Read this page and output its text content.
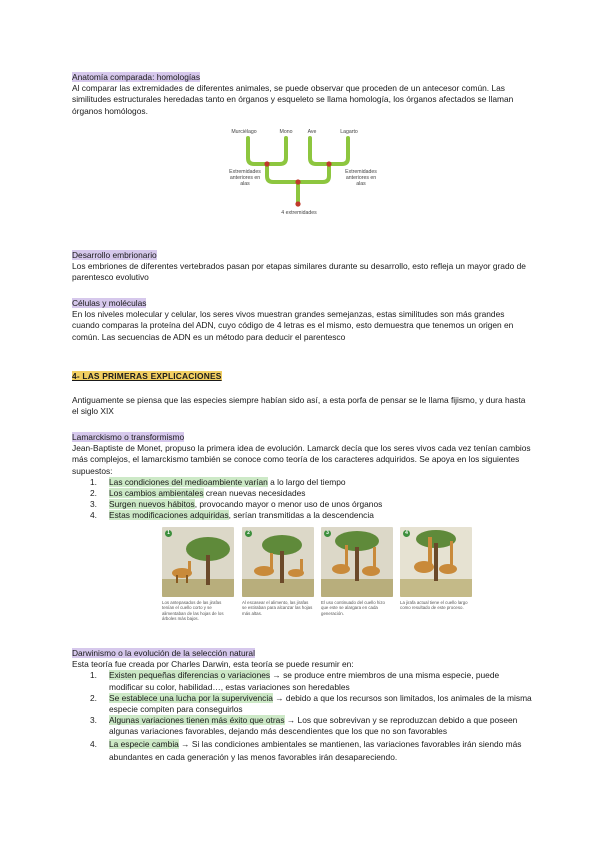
Anatomía comparada: homologías

Al comparar las extremidades de diferentes animales, se puede observar que proceden de un antecesor común. Las similitudes estructurales heredadas tanto en órganos y esqueleto se llama homología, los órganos afectados se llaman órganos homólogos.

Murciélago	Mono	Ave	Lagarto
Extremidades anteriores en alas
Extremidades anteriores en alas
4 extremidades

Desarrollo embrionario

Los embriones de diferentes vertebrados pasan por etapas similares durante su desarrollo, esto refleja un mayor grado de parentesco evolutivo

Células y moléculas

En los niveles molecular y celular, los seres vivos muestran grandes semejanzas, estas similitudes son más grandes cuando comparas la proteína del ADN, cuyo código de 4 letras es el mismo, esto demuestra que tenemos un origen en común. Las secuencias de ADN es un método para deducir el parentesco

4- LAS PRIMERAS EXPLICACIONES

Antiguamente se piensa que las especies siempre habían sido así, a esta porfa de pensar se le llama fijismo, y dura hasta el siglo XIX

Lamarckismo o transformismo

Jean-Baptiste de Monet, propuso la primera idea de evolución. Lamarck decía que los seres vivos cada vez tenían cambios más complejos, el lamarckismo también se conoce como teoría de los caracteres adquiridos. Se apoya en los siguientes supuestos:

1. Las condiciones del medioambiente varían a lo largo del tiempo
2. Los cambios ambientales crean nuevas necesidades
3. Surgen nuevos hábitos, provocando mayor o menor uso de unos órganos
4. Estas modificaciones adquiridas, serían transmitidas a la descendencia
1
Los antepasados de las jirafas tenían el cuello corto y se alimentaban de las hojas de los árboles más bajos.
2
Al escasear el alimento, las jirafas se estiraban para alcanzar las hojas más altas.
3
El uso continuado del cuello hizo que este se alargara en cada generación.
4
La jirafa actual tiene el cuello largo como resultado de este proceso.

Darwinismo o la evolución de la selección natural

Esta teoría fue creada por Charles Darwin, esta teoría se puede resumir en:

1. Existen pequeñas diferencias o variaciones → se produce entre miembros de una misma especie, puede modificar su color, habilidad…, estas variaciones son heredables
2. Se establece una lucha por la supervivencia → debido a que los recursos son limitados, los animales de la misma especie compiten para conseguirlos
3. Algunas variaciones tienen más éxito que otras → Los que sobrevivan y se reproduzcan debido a que poseen algunas variaciones favorables, dejando más descendientes que los que no son favorables
4. La especie cambia → Si las condiciones ambientales se mantienen, las variaciones favorables irán siendo más abundantes en cada generación y las menos favorables irán desapareciendo.
